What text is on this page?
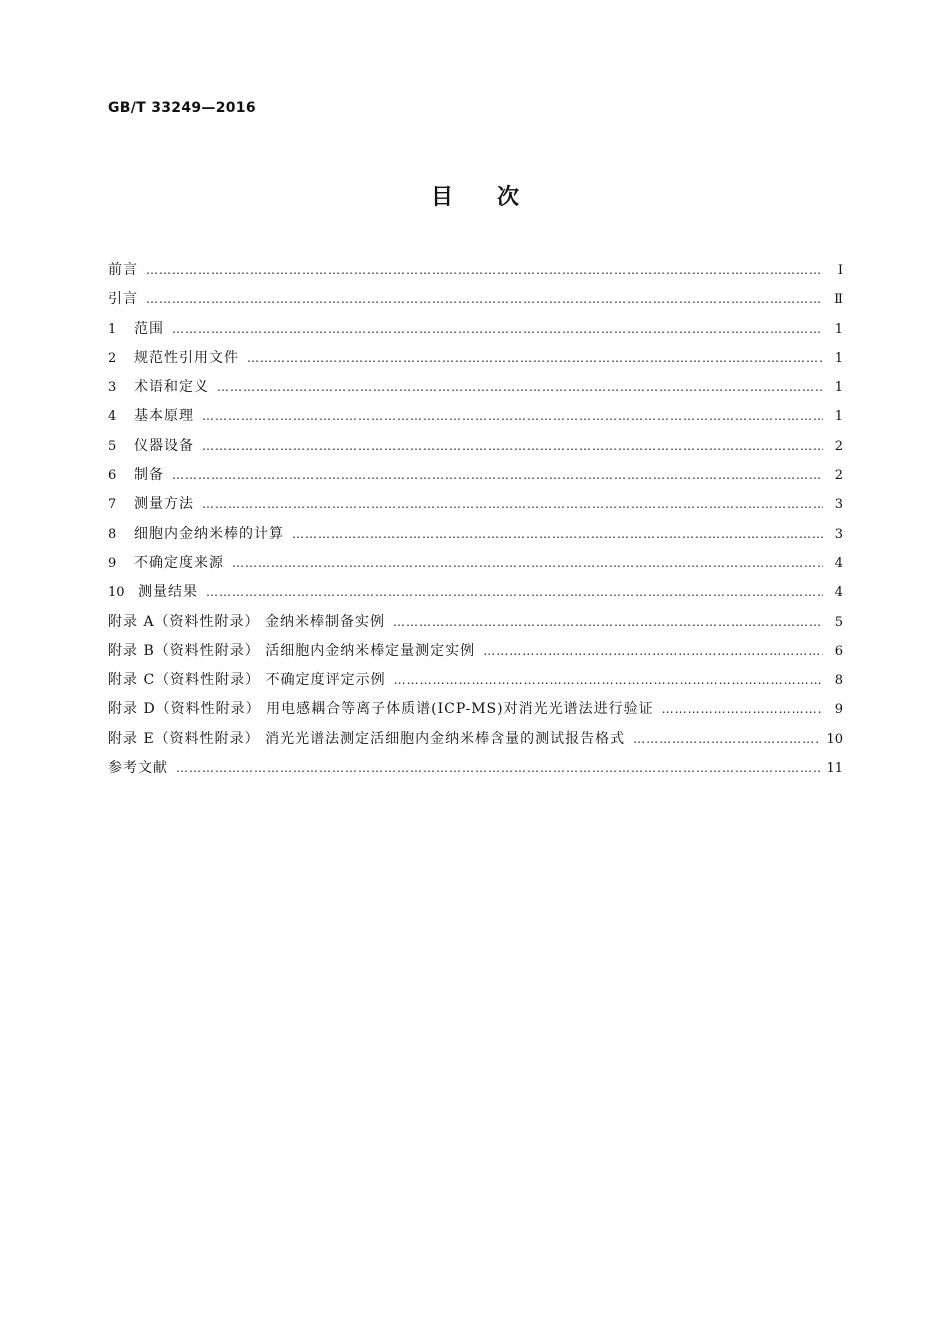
GB/T 33249—2016
目次
前言 …………………………………………………………………………………………………………………………………………………………………………………………………………………………	Ⅰ
引言 …………………………………………………………………………………………………………………………………………………………………………………………………………………………	Ⅱ
1	范围 …………………………………………………………………………………………………………………………………………………………………………………………………………………………	1
2	规范性引用文件 …………………………………………………………………………………………………………………………………………………………………………………………………………………………	1
3	术语和定义 …………………………………………………………………………………………………………………………………………………………………………………………………………………………	1
4	基本原理 …………………………………………………………………………………………………………………………………………………………………………………………………………………………	1
5	仪器设备 …………………………………………………………………………………………………………………………………………………………………………………………………………………………	2
6	制备 …………………………………………………………………………………………………………………………………………………………………………………………………………………………	2
7	测量方法 …………………………………………………………………………………………………………………………………………………………………………………………………………………………	3
8	细胞内金纳米棒的计算 …………………………………………………………………………………………………………………………………………………………………………………………………………………………	3
9	不确定度来源 …………………………………………………………………………………………………………………………………………………………………………………………………………………………	4
10 测量结果 …………………………………………………………………………………………………………………………………………………………………………………………………………………………	4
附录 A（资料性附录） 金纳米棒制备实例 …………………………………………………………………………………………………………………………………………………………………………………………………………………………	5
附录 B（资料性附录） 活细胞内金纳米棒定量测定实例 …………………………………………………………………………………………………………………………………………………………………………………………………………………………	6
附录 C（资料性附录） 不确定度评定示例 …………………………………………………………………………………………………………………………………………………………………………………………………………………………	8
附录 D（资料性附录） 用电感耦合等离子体质谱(ICP-MS)对消光光谱法进行验证 …………………………………………………………………………………………………………………………………………………………………………………………………………………………	9
附录 E（资料性附录） 消光光谱法测定活细胞内金纳米棒含量的测试报告格式 …………………………………………………………………………………………………………………………………………………………………………………………………………………………	10
参考文献 …………………………………………………………………………………………………………………………………………………………………………………………………………………………	11
